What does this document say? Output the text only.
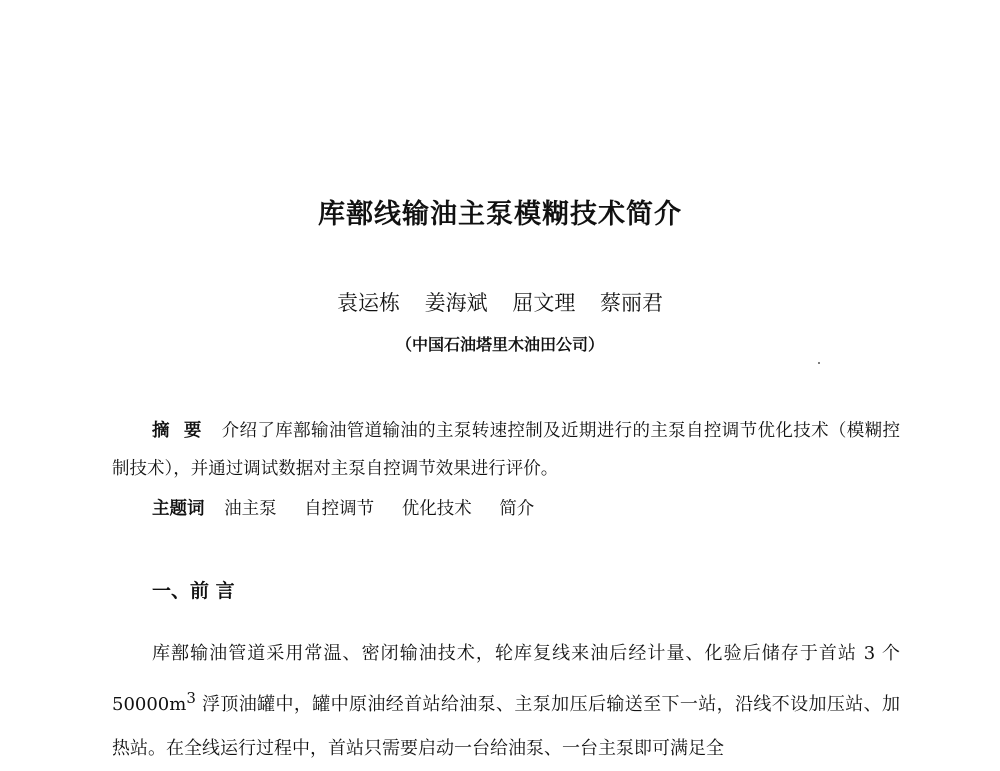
库鄯线输油主泵模糊技术简介
袁运栋 姜海斌 屈文理 蔡丽君
（中国石油塔里木油田公司）
摘要 介绍了库鄯输油管道输油的主泵转速控制及近期进行的主泵自控调节优化技术（模糊控制技术），并通过调试数据对主泵自控调节效果进行评价。
主题词 油主泵 自控调节 优化技术 简介
一、前 言
库鄯输油管道采用常温、密闭输油技术，轮库复线来油后经计量、化验后储存于首站 3 个 $50000m^3$ 浮顶油罐中，罐中原油经首站给油泵、主泵加压后输送至下一站，沿线不设加压站、加热站。在全线运行过程中，首站只需要启动一台给油泵、一台主泵即可满足全
